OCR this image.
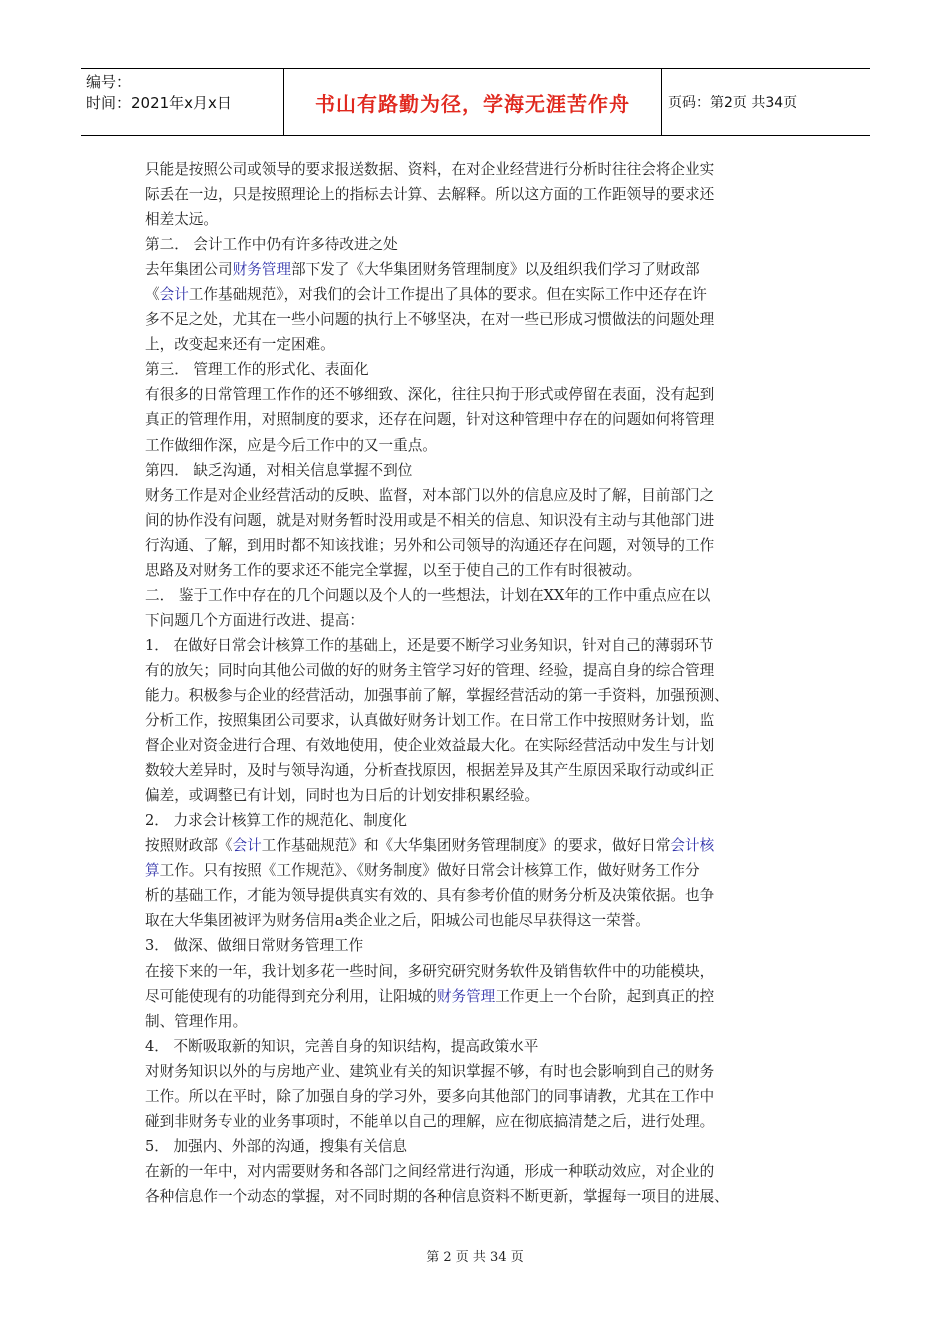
编号：
时间：2021年x月x日	书山有路勤为径，学海无涯苦作舟	页码：第2页 共34页

只能是按照公司或领导的要求报送数据、资料，在对企业经营进行分析时往往会将企业实

际丢在一边，只是按照理论上的指标去计算、去解释。所以这方面的工作距领导的要求还

相差太远。

第二． 会计工作中仍有许多待改进之处

去年集团公司财务管理部下发了《大华集团财务管理制度》以及组织我们学习了财政部

《会计工作基础规范》，对我们的会计工作提出了具体的要求。但在实际工作中还存在许

多不足之处，尤其在一些小问题的执行上不够坚决，在对一些已形成习惯做法的问题处理

上，改变起来还有一定困难。

第三． 管理工作的形式化、表面化

有很多的日常管理工作作的还不够细致、深化，往往只拘于形式或停留在表面，没有起到

真正的管理作用，对照制度的要求，还存在问题，针对这种管理中存在的问题如何将管理

工作做细作深，应是今后工作中的又一重点。

第四． 缺乏沟通，对相关信息掌握不到位

财务工作是对企业经营活动的反映、监督，对本部门以外的信息应及时了解，目前部门之

间的协作没有问题，就是对财务暂时没用或是不相关的信息、知识没有主动与其他部门进

行沟通、了解，到用时都不知该找谁；另外和公司领导的沟通还存在问题，对领导的工作

思路及对财务工作的要求还不能完全掌握，以至于使自己的工作有时很被动。

二． 鉴于工作中存在的几个问题以及个人的一些想法，计划在XX年的工作中重点应在以

下问题几个方面进行改进、提高：

1． 在做好日常会计核算工作的基础上，还是要不断学习业务知识，针对自己的薄弱环节

有的放矢；同时向其他公司做的好的财务主管学习好的管理、经验，提高自身的综合管理

能力。积极参与企业的经营活动，加强事前了解，掌握经营活动的第一手资料，加强预测、

分析工作，按照集团公司要求，认真做好财务计划工作。在日常工作中按照财务计划，监

督企业对资金进行合理、有效地使用，使企业效益最大化。在实际经营活动中发生与计划

数较大差异时，及时与领导沟通，分析查找原因，根据差异及其产生原因采取行动或纠正

偏差，或调整已有计划，同时也为日后的计划安排积累经验。

2． 力求会计核算工作的规范化、制度化

按照财政部《会计工作基础规范》和《大华集团财务管理制度》的要求，做好日常会计核

算工作。只有按照《工作规范》、《财务制度》做好日常会计核算工作，做好财务工作分

析的基础工作，才能为领导提供真实有效的、具有参考价值的财务分析及决策依据。也争

取在大华集团被评为财务信用a类企业之后，阳城公司也能尽早获得这一荣誉。

3． 做深、做细日常财务管理工作

在接下来的一年，我计划多花一些时间，多研究研究财务软件及销售软件中的功能模块，

尽可能使现有的功能得到充分利用，让阳城的财务管理工作更上一个台阶，起到真正的控

制、管理作用。

4． 不断吸取新的知识，完善自身的知识结构，提高政策水平

对财务知识以外的与房地产业、建筑业有关的知识掌握不够，有时也会影响到自己的财务

工作。所以在平时，除了加强自身的学习外，要多向其他部门的同事请教，尤其在工作中

碰到非财务专业的业务事项时，不能单以自己的理解，应在彻底搞清楚之后，进行处理。

5． 加强内、外部的沟通，搜集有关信息

在新的一年中，对内需要财务和各部门之间经常进行沟通，形成一种联动效应，对企业的

各种信息作一个动态的掌握，对不同时期的各种信息资料不断更新，掌握每一项目的进展、

第 2 页 共 34 页
